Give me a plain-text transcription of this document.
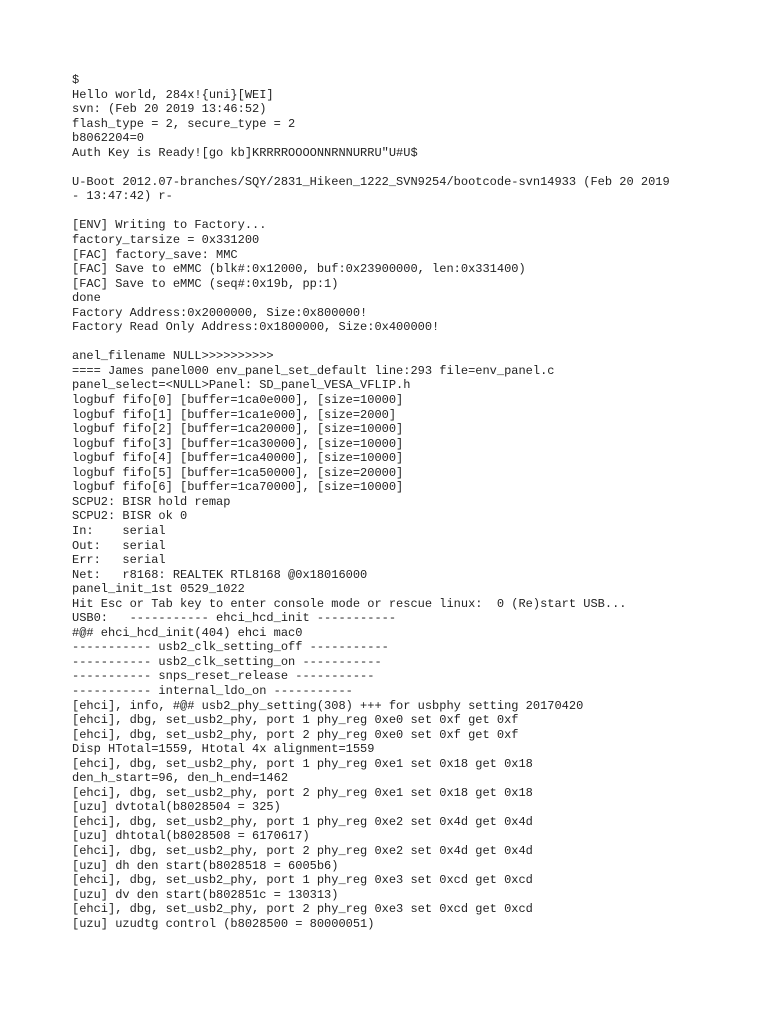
$
Hello world, 284x!{uni}[WEI]
svn: (Feb 20 2019 13:46:52)
flash_type = 2, secure_type = 2
b8062204=0
Auth Key is Ready![go kb]KRRRROOOONNRNNURRU"U#U$
U-Boot 2012.07-branches/SQY/2831_Hikeen_1222_SVN9254/bootcode-svn14933 (Feb 20 2019
- 13:47:42) r-
[ENV] Writing to Factory...
factory_tarsize = 0x331200
[FAC] factory_save: MMC
[FAC] Save to eMMC (blk#:0x12000, buf:0x23900000, len:0x331400)
[FAC] Save to eMMC (seq#:0x19b, pp:1)
done
Factory Address:0x2000000, Size:0x800000!
Factory Read Only Address:0x1800000, Size:0x400000!
anel_filename NULL>>>>>>>>>>
==== James panel000 env_panel_set_default line:293 file=env_panel.c
panel_select=<NULL>Panel: SD_panel_VESA_VFLIP.h
logbuf fifo[0] [buffer=1ca0e000], [size=10000]
logbuf fifo[1] [buffer=1ca1e000], [size=2000]
logbuf fifo[2] [buffer=1ca20000], [size=10000]
logbuf fifo[3] [buffer=1ca30000], [size=10000]
logbuf fifo[4] [buffer=1ca40000], [size=10000]
logbuf fifo[5] [buffer=1ca50000], [size=20000]
logbuf fifo[6] [buffer=1ca70000], [size=10000]
SCPU2: BISR hold remap
SCPU2: BISR ok 0
In:    serial
Out:   serial
Err:   serial
Net:   r8168: REALTEK RTL8168 @0x18016000
panel_init_1st 0529_1022
Hit Esc or Tab key to enter console mode or rescue linux:  0 (Re)start USB...
USB0:   ----------- ehci_hcd_init -----------
#@# ehci_hcd_init(404) ehci mac0
----------- usb2_clk_setting_off -----------
----------- usb2_clk_setting_on -----------
----------- snps_reset_release -----------
----------- internal_ldo_on -----------
[ehci], info, #@# usb2_phy_setting(308) +++ for usbphy setting 20170420
[ehci], dbg, set_usb2_phy, port 1 phy_reg 0xe0 set 0xf get 0xf
[ehci], dbg, set_usb2_phy, port 2 phy_reg 0xe0 set 0xf get 0xf
Disp HTotal=1559, Htotal 4x alignment=1559
[ehci], dbg, set_usb2_phy, port 1 phy_reg 0xe1 set 0x18 get 0x18
den_h_start=96, den_h_end=1462
[ehci], dbg, set_usb2_phy, port 2 phy_reg 0xe1 set 0x18 get 0x18
[uzu] dvtotal(b8028504 = 325)
[ehci], dbg, set_usb2_phy, port 1 phy_reg 0xe2 set 0x4d get 0x4d
[uzu] dhtotal(b8028508 = 6170617)
[ehci], dbg, set_usb2_phy, port 2 phy_reg 0xe2 set 0x4d get 0x4d
[uzu] dh den start(b8028518 = 6005b6)
[ehci], dbg, set_usb2_phy, port 1 phy_reg 0xe3 set 0xcd get 0xcd
[uzu] dv den start(b802851c = 130313)
[ehci], dbg, set_usb2_phy, port 2 phy_reg 0xe3 set 0xcd get 0xcd
[uzu] uzudtg control (b8028500 = 80000051)
